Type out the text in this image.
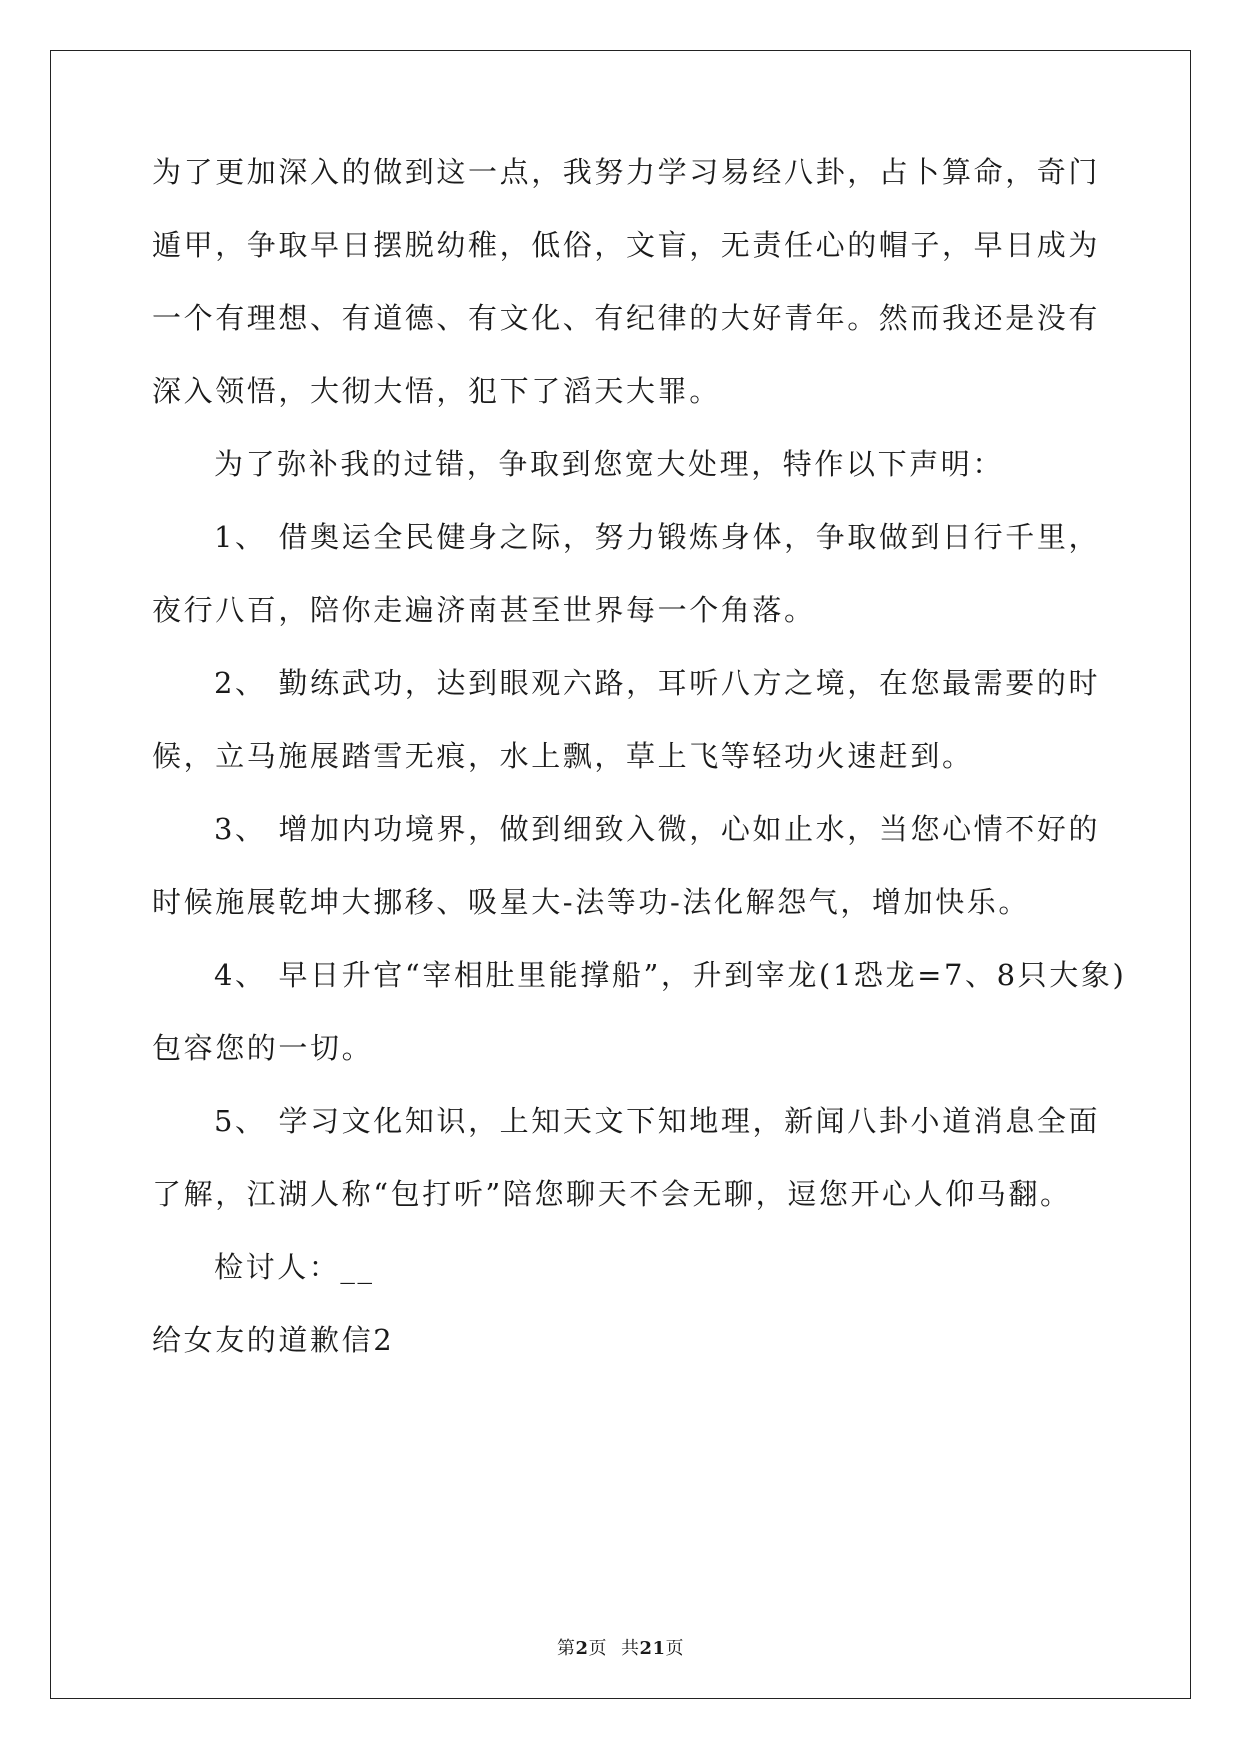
为了更加深入的做到这一点，我努力学习易经八卦，占卜算命，奇门
遁甲，争取早日摆脱幼稚，低俗，文盲，无责任心的帽子，早日成为
一个有理想、有道德、有文化、有纪律的大好青年。然而我还是没有
深入领悟，大彻大悟，犯下了滔天大罪。
为了弥补我的过错，争取到您宽大处理，特作以下声明：
1、 借奥运全民健身之际，努力锻炼身体，争取做到日行千里，
夜行八百，陪你走遍济南甚至世界每一个角落。
2、 勤练武功，达到眼观六路，耳听八方之境，在您最需要的时
候，立马施展踏雪无痕，水上飘，草上飞等轻功火速赶到。
3、 增加内功境界，做到细致入微，心如止水，当您心情不好的
时候施展乾坤大挪移、吸星大-法等功-法化解怨气，增加快乐。
4、 早日升官“宰相肚里能撑船”，升到宰龙(1恐龙=7、8只大象)
包容您的一切。
5、 学习文化知识，上知天文下知地理，新闻八卦小道消息全面
了解，江湖人称“包打听”陪您聊天不会无聊，逗您开心人仰马翻。
检讨人：__
给女友的道歉信2
第2页 共21页
